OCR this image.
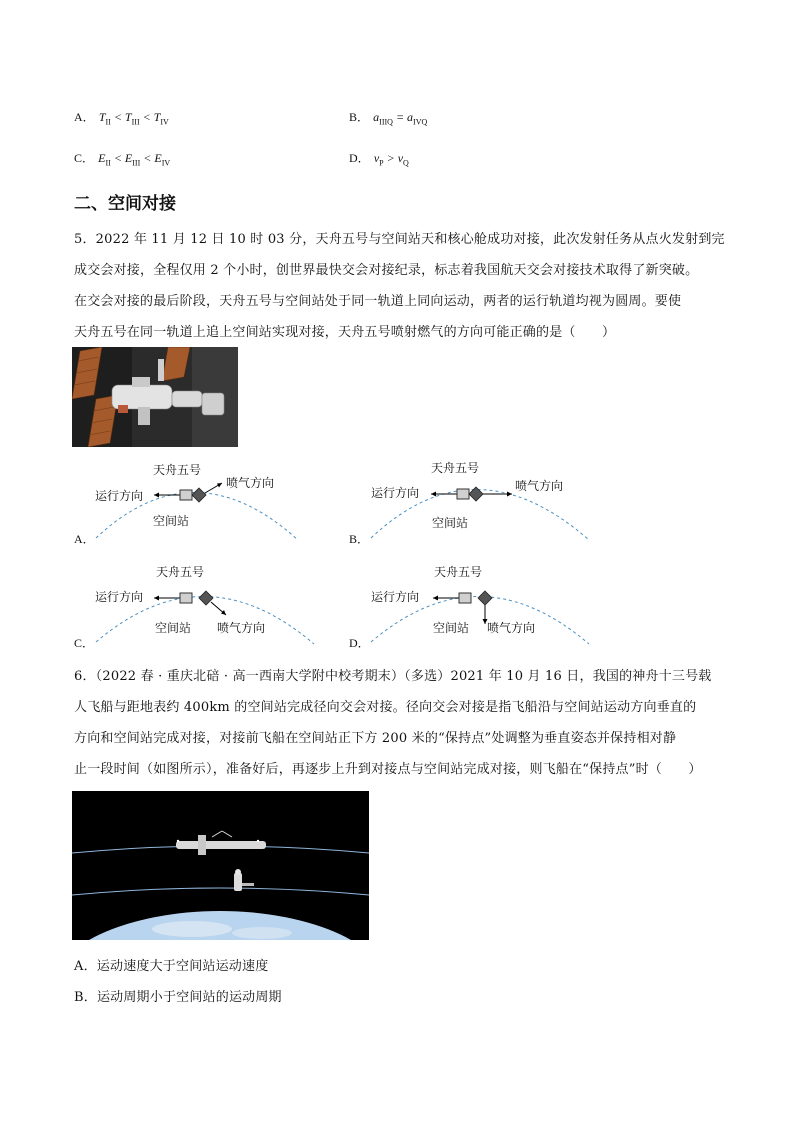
A． $T_{II} < T_{III} < T_{IV}$	B． $a_{IIIQ} = a_{IVQ}$
C． $E_{II} < E_{III} < E_{IV}$	D． $v_P > v_Q$
二、空间对接
5．2022 年 11 月 12 日 10 时 03 分，天舟五号与空间站天和核心舱成功对接，此次发射任务从点火发射到完
成交会对接，全程仅用 2 个小时，创世界最快交会对接纪录，标志着我国航天交会对接技术取得了新突破。
在交会对接的最后阶段，天舟五号与空间站处于同一轨道上同向运动，两者的运行轨道均视为圆周。要使
天舟五号在同一轨道上追上空间站实现对接，天舟五号喷射燃气的方向可能正确的是（　　）
天舟五号
喷气方向
运行方向
空间站
A．
天舟五号
喷气方向
运行方向
空间站
B．
天舟五号
运行方向
空间站 喷气方向
C．
天舟五号
运行方向
空间站 喷气方向
D．
6．（2022 春 · 重庆北碚 · 高一西南大学附中校考期末）（多选）2021 年 10 月 16 日，我国的神舟十三号载
人飞船与距地表约 400km 的空间站完成径向交会对接。径向交会对接是指飞船沿与空间站运动方向垂直的
方向和空间站完成对接，对接前飞船在空间站正下方 200 米的“保持点”处调整为垂直姿态并保持相对静
止一段时间（如图所示），准备好后，再逐步上升到对接点与空间站完成对接，则飞船在“保持点”时（　　）
A．运动速度大于空间站运动速度
B．运动周期小于空间站的运动周期
